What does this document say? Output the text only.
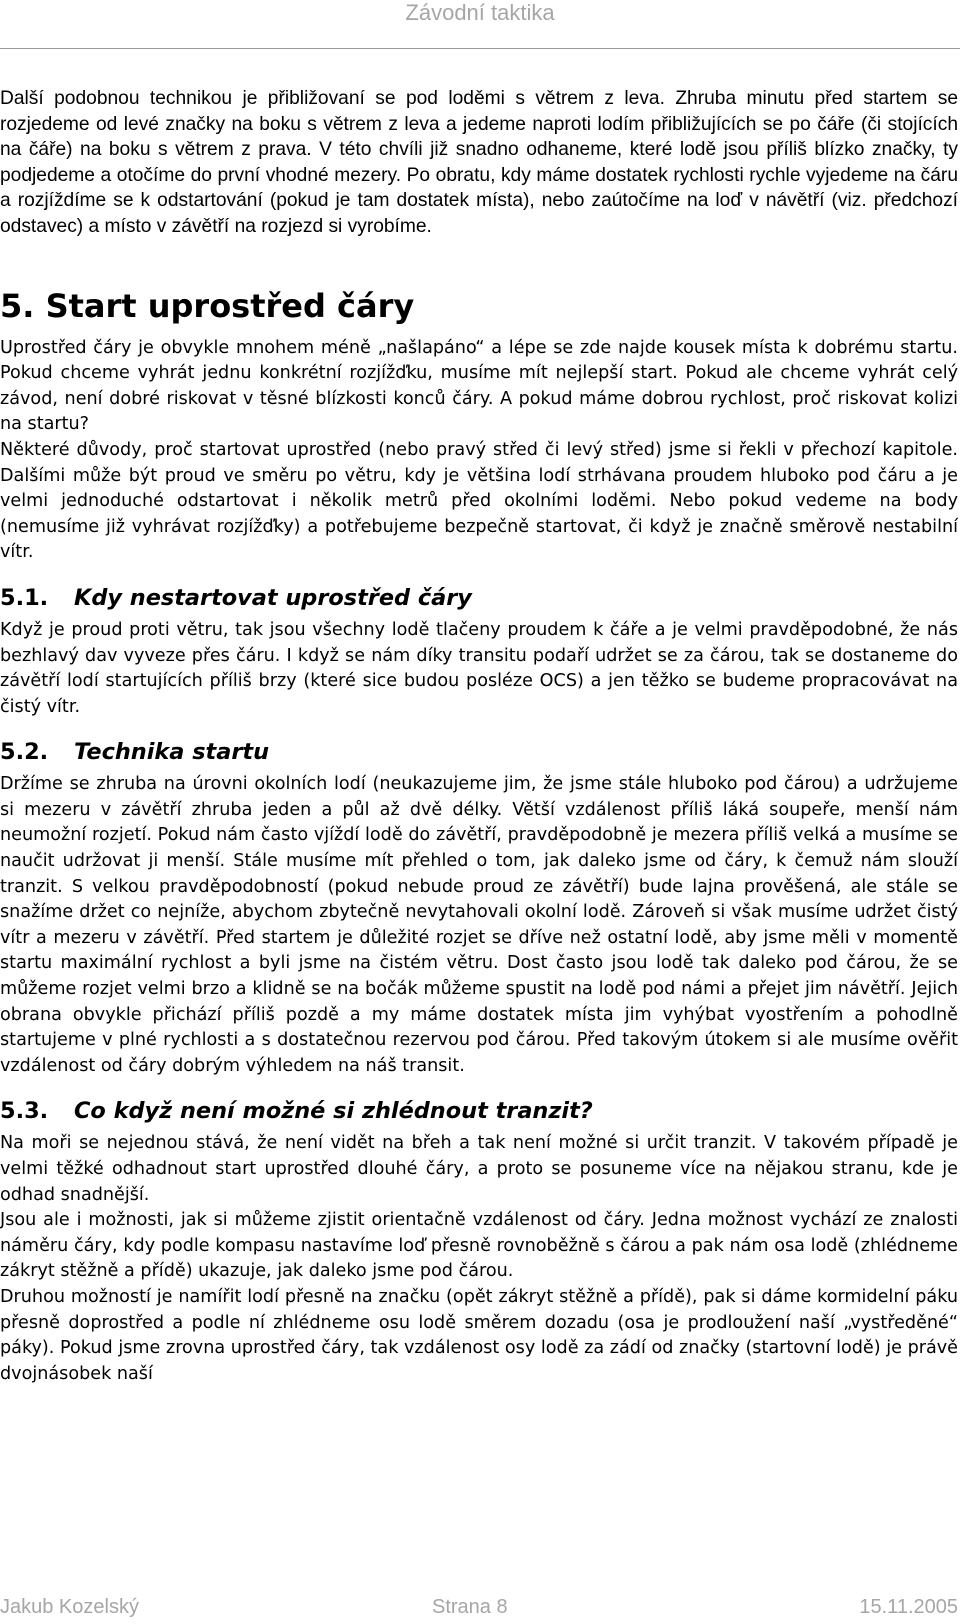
Závodní taktika

Další podobnou technikou je přibližovaní se pod loděmi s větrem z leva. Zhruba minutu před startem se rozjedeme od levé značky na boku s větrem z leva a jedeme naproti lodím přibližujících se po čáře (či stojících na čáře) na boku s větrem z prava. V této chvíli již snadno odhaneme, které lodě jsou příliš blízko značky, ty podjedeme a otočíme do první vhodné mezery. Po obratu, kdy máme dostatek rychlosti rychle vyjedeme na čáru a rozjíždíme se k odstartování (pokud je tam dostatek místa), nebo zaútočíme na loď v návětří (viz. předchozí odstavec) a místo v závětří na rozjezd si vyrobíme.

5. Start uprostřed čáry

Uprostřed čáry je obvykle mnohem méně „našlapáno“ a lépe se zde najde kousek místa k dobrému startu. Pokud chceme vyhrát jednu konkrétní rozjížďku, musíme mít nejlepší start. Pokud ale chceme vyhrát celý závod, není dobré riskovat v těsné blízkosti konců čáry. A pokud máme dobrou rychlost, proč riskovat kolizi na startu?

Některé důvody, proč startovat uprostřed (nebo pravý střed či levý střed) jsme si řekli v přechozí kapitole. Dalšími může být proud ve směru po větru, kdy je většina lodí strhávana proudem hluboko pod čáru a je velmi jednoduché odstartovat i několik metrů před okolními loděmi. Nebo pokud vedeme na body (nemusíme již vyhrávat rozjížďky) a potřebujeme bezpečně startovat, či když je značně směrově nestabilní vítr.

5.1. Kdy nestartovat uprostřed čáry

Když je proud proti větru, tak jsou všechny lodě tlačeny proudem k čáře a je velmi pravděpodobné, že nás bezhlavý dav vyveze přes čáru. I když se nám díky transitu podaří udržet se za čárou, tak se dostaneme do závětří lodí startujících příliš brzy (které sice budou posléze OCS) a jen těžko se budeme propracovávat na čistý vítr.

5.2. Technika startu

Držíme se zhruba na úrovni okolních lodí (neukazujeme jim, že jsme stále hluboko pod čárou) a udržujeme si mezeru v závětří zhruba jeden a půl až dvě délky. Větší vzdálenost příliš láká soupeře, menší nám neumožní rozjetí. Pokud nám často vjíždí lodě do závětří, pravděpodobně je mezera příliš velká a musíme se naučit udržovat ji menší. Stále musíme mít přehled o tom, jak daleko jsme od čáry, k čemuž nám slouží tranzit. S velkou pravděpodobností (pokud nebude proud ze závětří) bude lajna prověšená, ale stále se snažíme držet co nejníže, abychom zbytečně nevytahovali okolní lodě. Zároveň si však musíme udržet čistý vítr a mezeru v závětří. Před startem je důležité rozjet se dříve než ostatní lodě, aby jsme měli v momentě startu maximální rychlost a byli jsme na čistém větru. Dost často jsou lodě tak daleko pod čárou, že se můžeme rozjet velmi brzo a klidně se na bočák můžeme spustit na lodě pod námi a přejet jim návětří. Jejich obrana obvykle přichází příliš pozdě a my máme dostatek místa jim vyhýbat vyostřením a pohodlně startujeme v plné rychlosti a s dostatečnou rezervou pod čárou. Před takovým útokem si ale musíme ověřit vzdálenost od čáry dobrým výhledem na náš transit.

5.3. Co když není možné si zhlédnout tranzit?

Na moři se nejednou stává, že není vidět na břeh a tak není možné si určit tranzit. V takovém případě je velmi těžké odhadnout start uprostřed dlouhé čáry, a proto se posuneme více na nějakou stranu, kde je odhad snadnější.

Jsou ale i možnosti, jak si můžeme zjistit orientačně vzdálenost od čáry. Jedna možnost vychází ze znalosti náměru čáry, kdy podle kompasu nastavíme loď přesně rovnoběžně s čárou a pak nám osa lodě (zhlédneme zákryt stěžně a přídě) ukazuje, jak daleko jsme pod čárou.

Druhou možností je namířit lodí přesně na značku (opět zákryt stěžně a přídě), pak si dáme kormidelní páku přesně doprostřed a podle ní zhlédneme osu lodě směrem dozadu (osa je prodloužení naší „vystředěné“ páky). Pokud jsme zrovna uprostřed čáry, tak vzdálenost osy lodě za zádí od značky (startovní lodě) je právě dvojnásobek naší

Jakub Kozelský	Strana 8	15.11.2005
